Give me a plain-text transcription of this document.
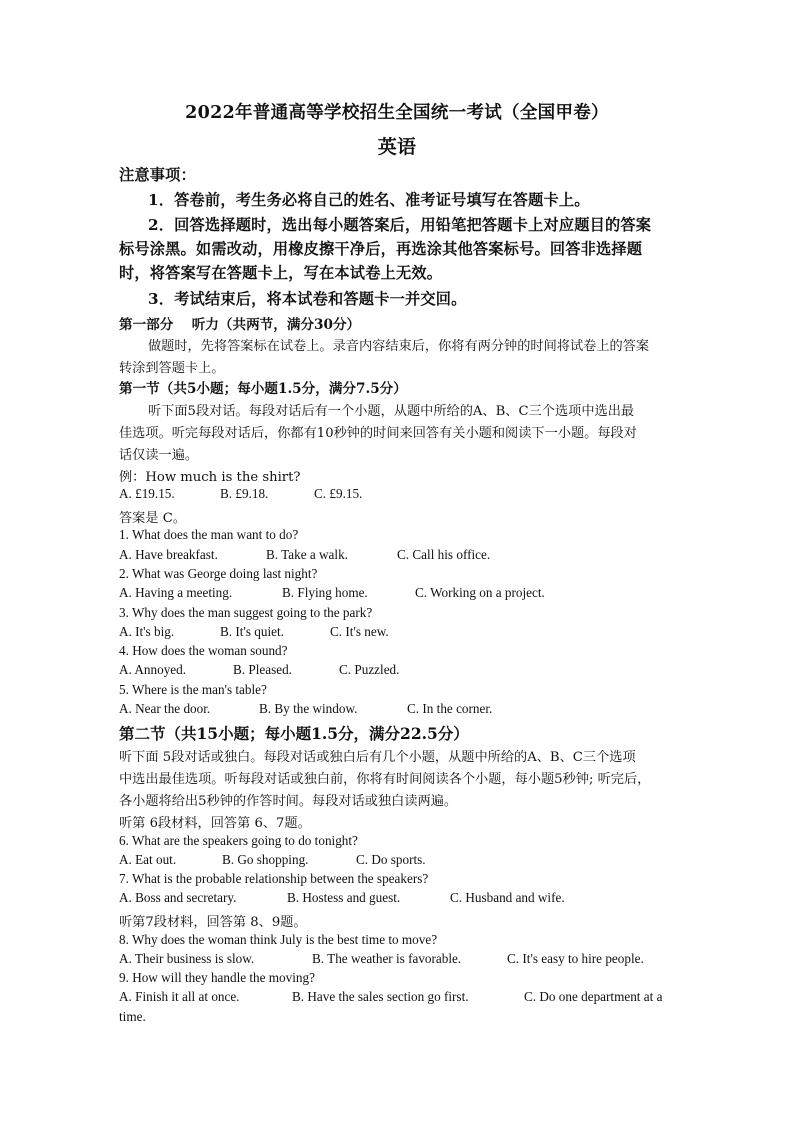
2022年普通高等学校招生全国统一考试（全国甲卷）
英语
注意事项：
1．答卷前，考生务必将自己的姓名、准考证号填写在答题卡上。
2．回答选择题时，选出每小题答案后，用铅笔把答题卡上对应题目的答案
标号涂黑。如需改动，用橡皮擦干净后，再选涂其他答案标号。回答非选择题
时，将答案写在答题卡上，写在本试卷上无效。
3．考试结束后，将本试卷和答题卡一并交回。
第一部分　 听力（共两节，满分30分）
做题时，先将答案标在试卷上。录音内容结束后，你将有两分钟的时间将试卷上的答案
转涂到答题卡上。
第一节（共5小题；每小题1.5分，满分7.5分）
听下面5段对话。每段对话后有一个小题，从题中所给的A、B、C三个选项中选出最
佳选项。听完每段对话后，你都有10秒钟的时间来回答有关小题和阅读下一小题。每段对
话仅读一遍。
例：How much is the shirt?
A. £19.15.	B. £9.18.	C. £9.15.
答案是 C。
1. What does the man want to do?
A. Have breakfast.	B. Take a walk.	C. Call his office.
2. What was George doing last night?
A. Having a meeting.	B. Flying home.	C. Working on a project.
3. Why does the man suggest going to the park?
A. It's big.	B. It's quiet.	C. It's new.
4. How does the woman sound?
A. Annoyed.	B. Pleased.	C. Puzzled.
5. Where is the man's table?
A. Near the door.	B. By the window.	C. In the corner.
第二节（共15小题；每小题1.5分，满分22.5分）
听下面 5段对话或独白。每段对话或独白后有几个小题，从题中所给的A、B、C三个选项
中选出最佳选项。听每段对话或独白前，你将有时间阅读各个小题，每小题5秒钟; 听完后，
各小题将给出5秒钟的作答时间。每段对话或独白读两遍。
听第 6段材料，回答第 6、7题。
6. What are the speakers going to do tonight?
A. Eat out.	B. Go shopping.	C. Do sports.
7. What is the probable relationship between the speakers?
A. Boss and secretary.	B. Hostess and guest.	C. Husband and wife.
听第7段材料，回答第 8、9题。
8. Why does the woman think July is the best time to move?
A. Their business is slow.	B. The weather is favorable.	C. It's easy to hire people.
9. How will they handle the moving?
A. Finish it all at once.	B. Have the sales section go first.	C. Do one department at a
time.
